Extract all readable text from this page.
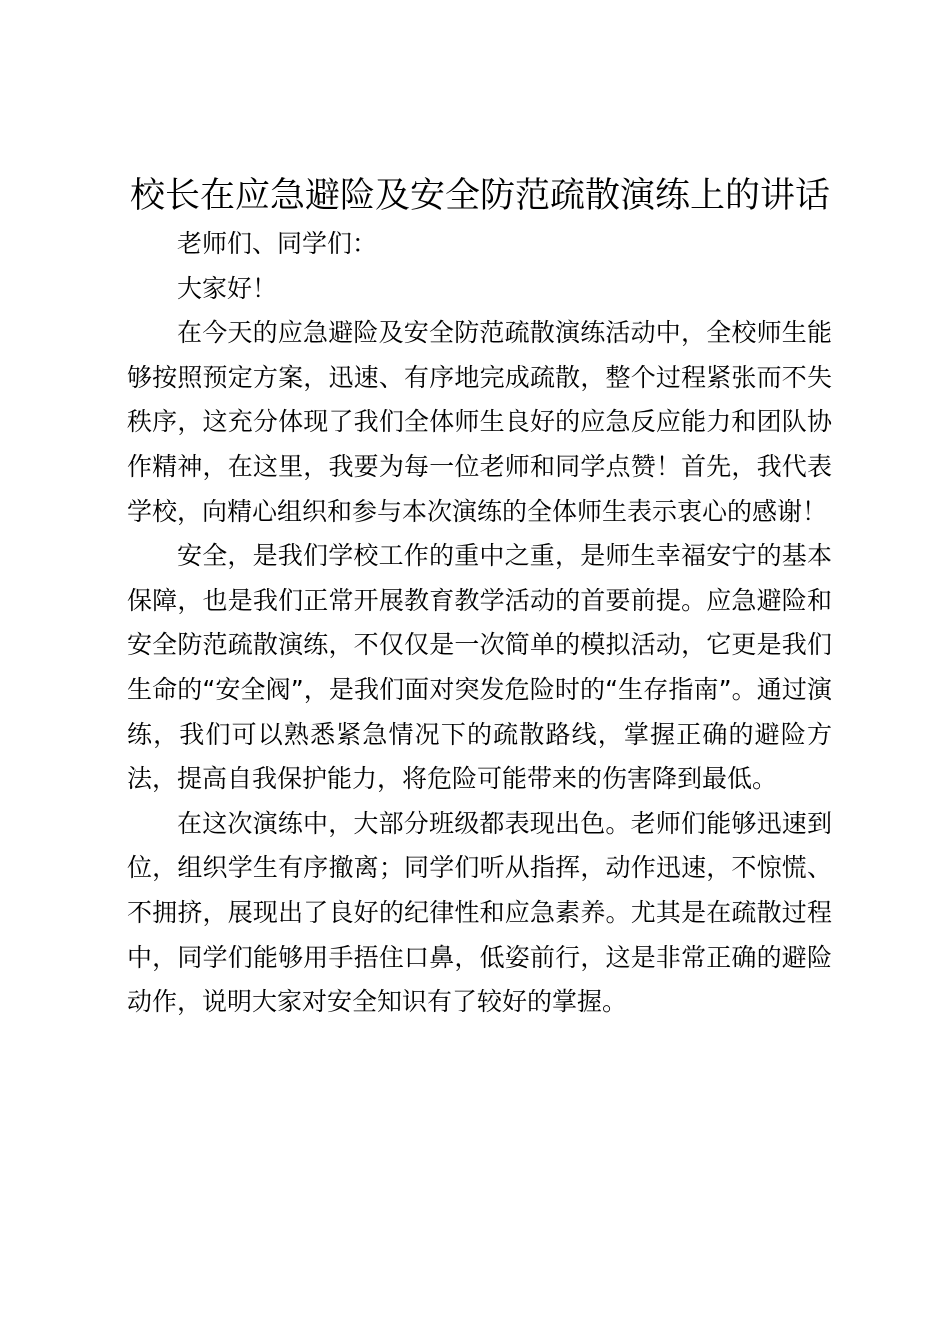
校长在应急避险及安全防范疏散演练上的讲话

老师们、同学们：

大家好！

在今天的应急避险及安全防范疏散演练活动中，全校师生能够按照预定方案，迅速、有序地完成疏散，整个过程紧张而不失秩序，这充分体现了我们全体师生良好的应急反应能力和团队协作精神，在这里，我要为每一位老师和同学点赞！首先，我代表学校，向精心组织和参与本次演练的全体师生表示衷心的感谢！

安全，是我们学校工作的重中之重，是师生幸福安宁的基本保障，也是我们正常开展教育教学活动的首要前提。应急避险和安全防范疏散演练，不仅仅是一次简单的模拟活动，它更是我们生命的“安全阀”，是我们面对突发危险时的“生存指南”。通过演练，我们可以熟悉紧急情况下的疏散路线，掌握正确的避险方法，提高自我保护能力，将危险可能带来的伤害降到最低。

在这次演练中，大部分班级都表现出色。老师们能够迅速到位，组织学生有序撤离；同学们听从指挥，动作迅速，不惊慌、不拥挤，展现出了良好的纪律性和应急素养。尤其是在疏散过程中，同学们能够用手捂住口鼻，低姿前行，这是非常正确的避险动作，说明大家对安全知识有了较好的掌握。
